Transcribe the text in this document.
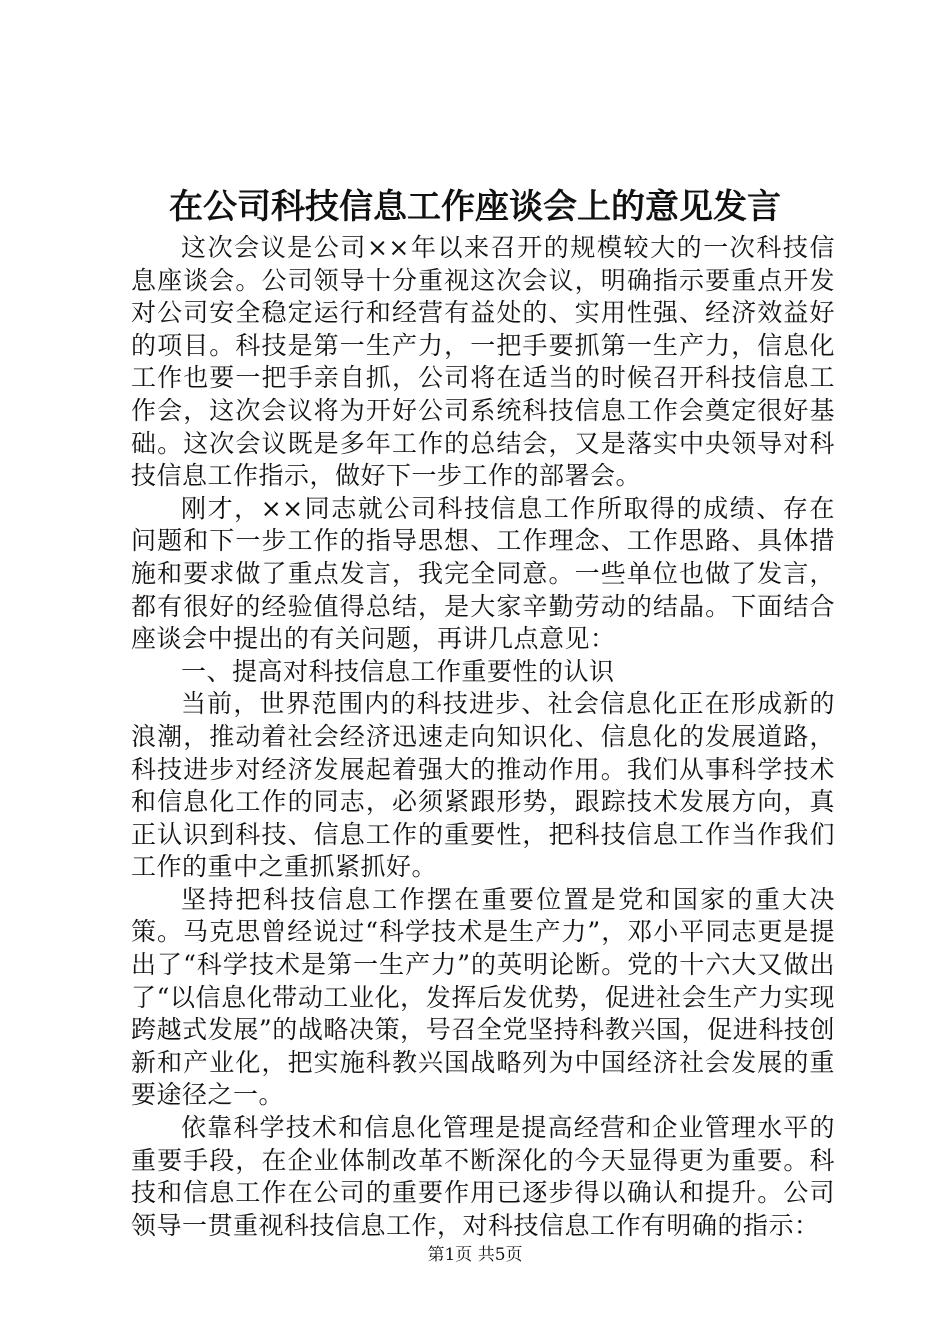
在公司科技信息工作座谈会上的意见发言

这次会议是公司××年以来召开的规模较大的一次科技信息座谈会。公司领导十分重视这次会议，明确指示要重点开发对公司安全稳定运行和经营有益处的、实用性强、经济效益好的项目。科技是第一生产力，一把手要抓第一生产力，信息化工作也要一把手亲自抓，公司将在适当的时候召开科技信息工作会，这次会议将为开好公司系统科技信息工作会奠定很好基础。这次会议既是多年工作的总结会，又是落实中央领导对科技信息工作指示，做好下一步工作的部署会。

刚才，××同志就公司科技信息工作所取得的成绩、存在问题和下一步工作的指导思想、工作理念、工作思路、具体措施和要求做了重点发言，我完全同意。一些单位也做了发言，都有很好的经验值得总结，是大家辛勤劳动的结晶。下面结合座谈会中提出的有关问题，再讲几点意见：

一、提高对科技信息工作重要性的认识

当前，世界范围内的科技进步、社会信息化正在形成新的浪潮，推动着社会经济迅速走向知识化、信息化的发展道路，科技进步对经济发展起着强大的推动作用。我们从事科学技术和信息化工作的同志，必须紧跟形势，跟踪技术发展方向，真正认识到科技、信息工作的重要性，把科技信息工作当作我们工作的重中之重抓紧抓好。

坚持把科技信息工作摆在重要位置是党和国家的重大决策。马克思曾经说过“科学技术是生产力”，邓小平同志更是提出了“科学技术是第一生产力”的英明论断。党的十六大又做出了“以信息化带动工业化，发挥后发优势，促进社会生产力实现跨越式发展”的战略决策，号召全党坚持科教兴国，促进科技创新和产业化，把实施科教兴国战略列为中国经济社会发展的重要途径之一。

依靠科学技术和信息化管理是提高经营和企业管理水平的重要手段，在企业体制改革不断深化的今天显得更为重要。科技和信息工作在公司的重要作用已逐步得以确认和提升。公司领导一贯重视科技信息工作，对科技信息工作有明确的指示：

第1页 共5页
